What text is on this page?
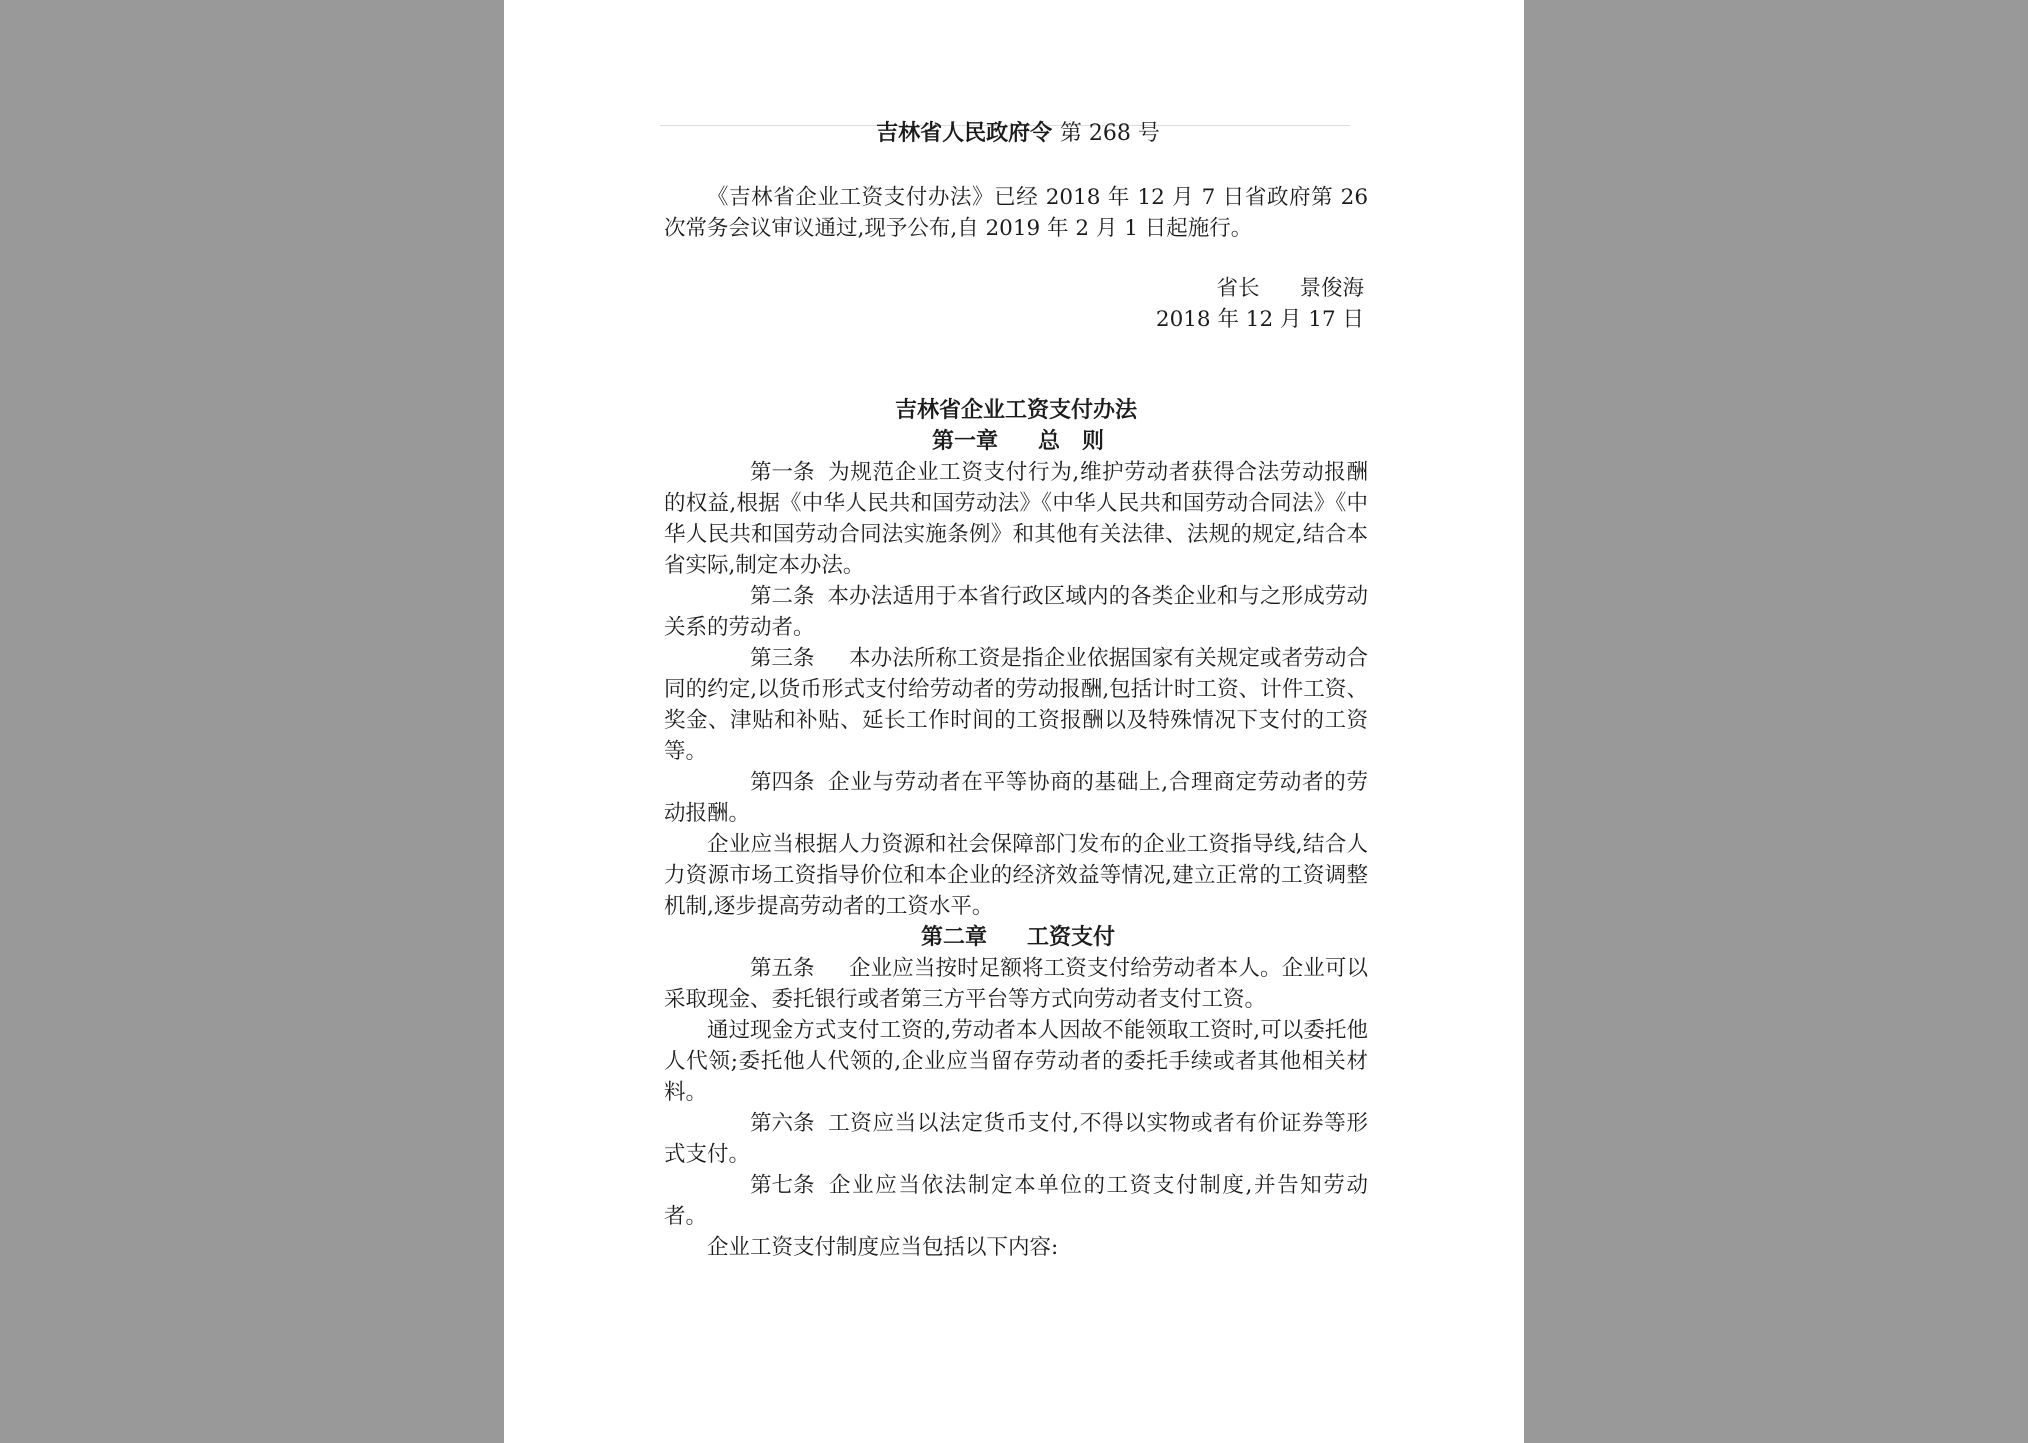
吉林省人民政府令 第 268 号

《吉林省企业工资支付办法》已经 2018 年 12 月 7 日省政府第 26 次常务会议审议通过,现予公布,自 2019 年 2 月 1 日起施行。

省长 景俊海
2018 年 12 月 17 日
吉林省企业工资支付办法
第一章 总　则

第一条 为规范企业工资支付行为,维护劳动者获得合法劳动报酬的权益,根据《中华人民共和国劳动法》《中华人民共和国劳动合同法》《中华人民共和国劳动合同法实施条例》和其他有关法律、法规的规定,结合本省实际,制定本办法。

第二条 本办法适用于本省行政区域内的各类企业和与之形成劳动关系的劳动者。

第三条 本办法所称工资是指企业依据国家有关规定或者劳动合同的约定,以货币形式支付给劳动者的劳动报酬,包括计时工资、计件工资、奖金、津贴和补贴、延长工作时间的工资报酬以及特殊情况下支付的工资等。

第四条 企业与劳动者在平等协商的基础上,合理商定劳动者的劳动报酬。

企业应当根据人力资源和社会保障部门发布的企业工资指导线,结合人力资源市场工资指导价位和本企业的经济效益等情况,建立正常的工资调整机制,逐步提高劳动者的工资水平。

第二章 工资支付

第五条 企业应当按时足额将工资支付给劳动者本人。企业可以采取现金、委托银行或者第三方平台等方式向劳动者支付工资。

通过现金方式支付工资的,劳动者本人因故不能领取工资时,可以委托他人代领;委托他人代领的,企业应当留存劳动者的委托手续或者其他相关材料。

第六条 工资应当以法定货币支付,不得以实物或者有价证券等形式支付。

第七条 企业应当依法制定本单位的工资支付制度,并告知劳动者。

企业工资支付制度应当包括以下内容:
